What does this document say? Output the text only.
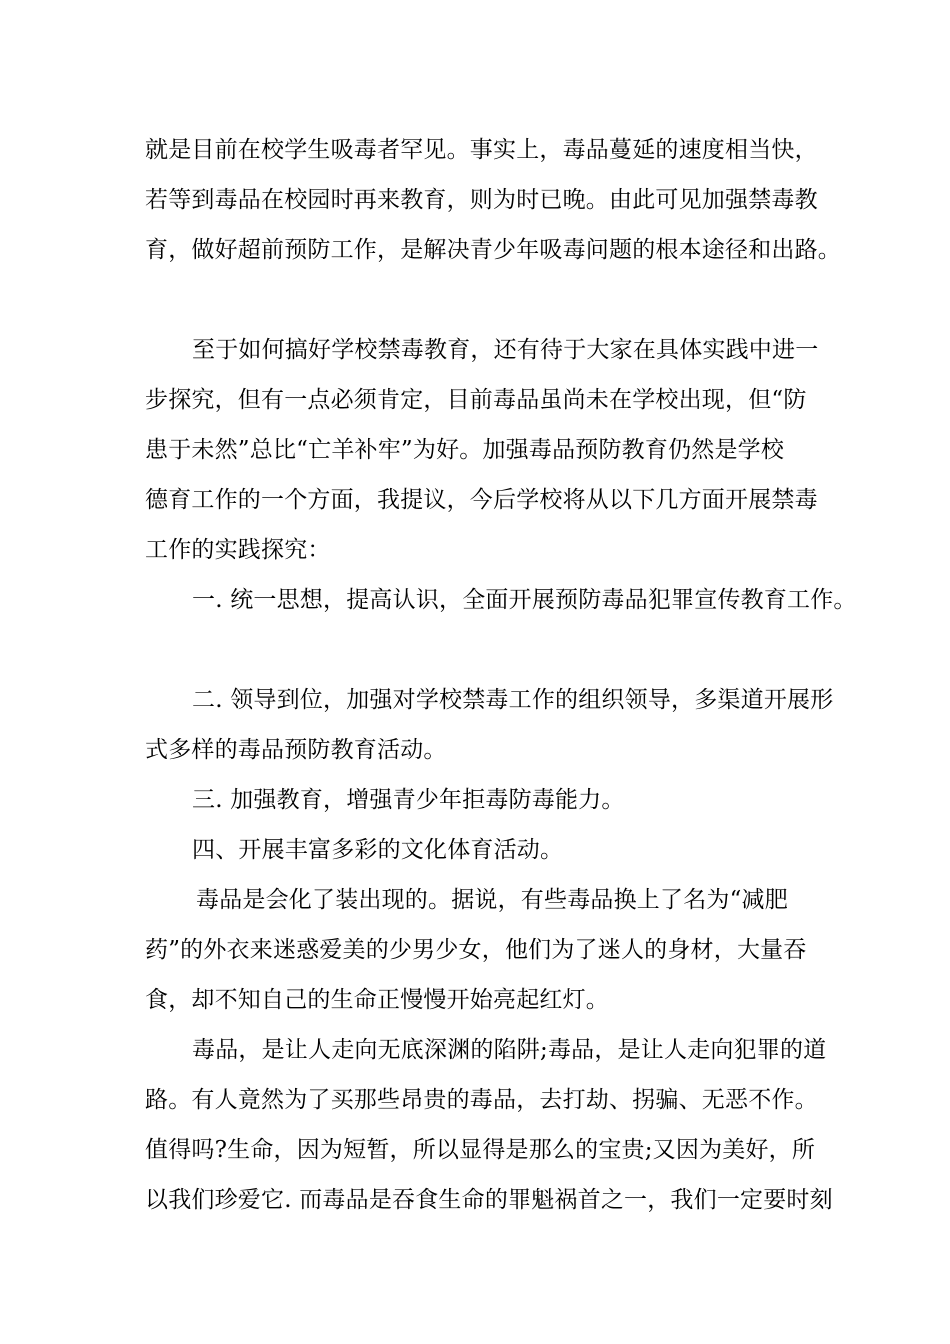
就是目前在校学生吸毒者罕见。事实上，毒品蔓延的速度相当快，
若等到毒品在校园时再来教育，则为时已晚。由此可见加强禁毒教
育，做好超前预防工作，是解决青少年吸毒问题的根本途径和出路。
至于如何搞好学校禁毒教育，还有待于大家在具体实践中进一
步探究，但有一点必须肯定，目前毒品虽尚未在学校出现，但“防
患于未然”总比“亡羊补牢”为好。加强毒品预防教育仍然是学校
德育工作的一个方面，我提议，今后学校将从以下几方面开展禁毒
工作的实践探究：
一. 统一思想，提高认识，全面开展预防毒品犯罪宣传教育工作。
二. 领导到位，加强对学校禁毒工作的组织领导，多渠道开展形
式多样的毒品预防教育活动。
三. 加强教育，增强青少年拒毒防毒能力。
四、开展丰富多彩的文化体育活动。
毒品是会化了装出现的。据说，有些毒品换上了名为“减肥
药”的外衣来迷惑爱美的少男少女，他们为了迷人的身材，大量吞
食，却不知自己的生命正慢慢开始亮起红灯。
毒品，是让人走向无底深渊的陷阱;毒品，是让人走向犯罪的道
路。有人竟然为了买那些昂贵的毒品，去打劫、拐骗、无恶不作。
值得吗?生命，因为短暂，所以显得是那么的宝贵;又因为美好，所
以我们珍爱它. 而毒品是吞食生命的罪魁祸首之一，我们一定要时刻
